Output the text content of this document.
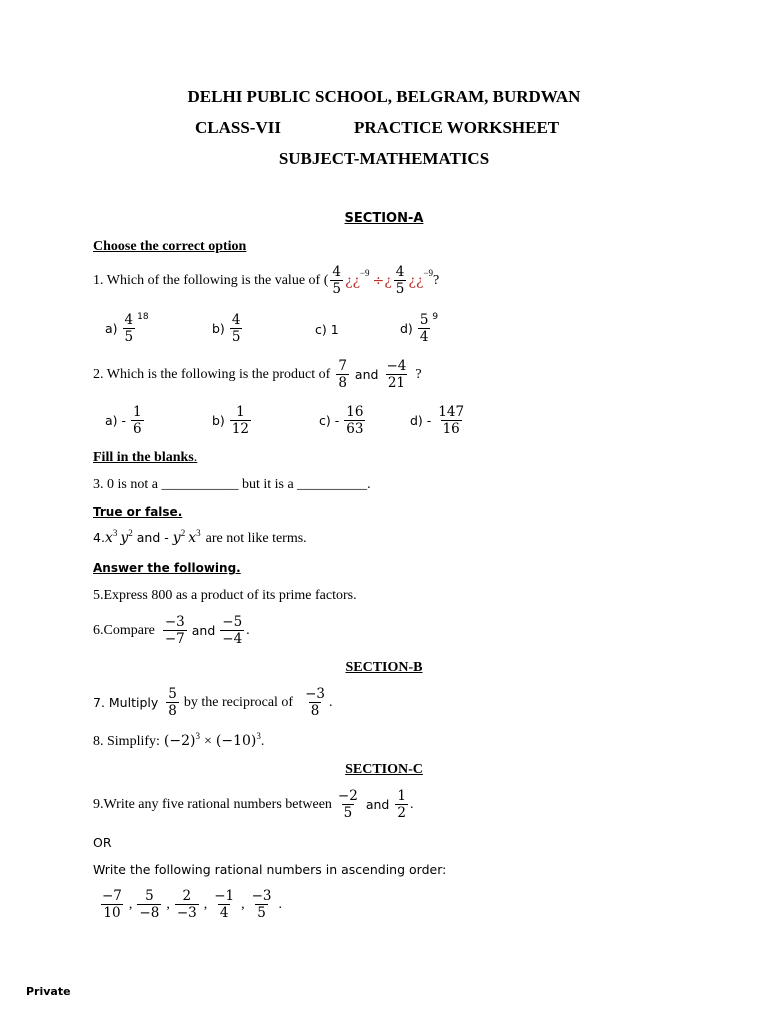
DELHI PUBLIC SCHOOL, BELGRAM, BURDWAN
CLASS-VII	PRACTICE WORKSHEET
SUBJECT-MATHEMATICS
SECTION-A
Choose the correct option
1. Which of the following is the value of ( $\frac{4}{5}$ ¿¿$^{-9}$ ÷¿ $\frac{4}{5}$ ¿¿$^{-9}$ ?
$a) \frac{4}{5}^{18}$
$b) \frac{4}{5}$	c) 1	$d) \frac{5}{4}^9$
2. Which is the following is the product of $\frac{7}{8}$ and $\frac{-4}{21}$ ?
$a) - \frac{1}{6}$	$b) \frac{1}{12}$	$c) - \frac{16}{63}$	$d) - \frac{147}{16}$
Fill in the blanks.
3. 0 is not a ___________ but it is a __________.
True or false.
4. $x^3$ $y^2$ and - $y^2$ $x^3$ are not like terms.
Answer the following.
5.Express 800 as a product of its prime factors.
6.Compare $\frac{-3}{-7}$ and $\frac{-5}{-4}$ .
SECTION-B
7. Multiply $\frac{5}{8}$ by the reciprocal of $\frac{-3}{8}$ .
8. Simplify: $(-2)^3 \times (-10)^3$ .
SECTION-C
9.Write any five rational numbers between $\frac{-2}{5}$ and $\frac{1}{2}$ .
OR
Write the following rational numbers in ascending order:
$\frac{-7}{10}$ , $\frac{5}{-8}$ , $\frac{2}{-3}$ , $\frac{-1}{4}$ , $\frac{-3}{5}$ .
Private
